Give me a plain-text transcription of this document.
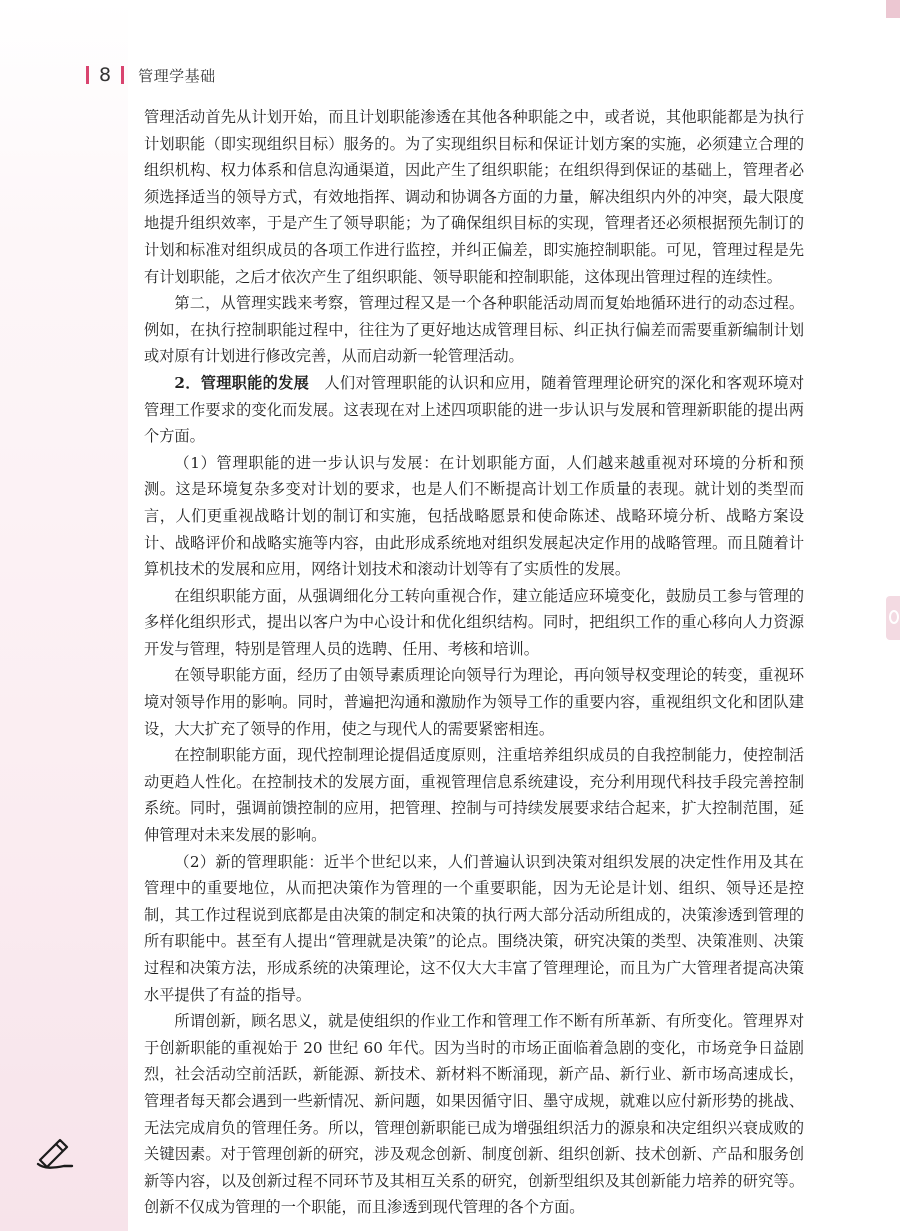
8 管理学基础

管理活动首先从计划开始，而且计划职能渗透在其他各种职能之中，或者说，其他职能都是为执行计划职能（即实现组织目标）服务的。为了实现组织目标和保证计划方案的实施，必须建立合理的组织机构、权力体系和信息沟通渠道，因此产生了组织职能；在组织得到保证的基础上，管理者必须选择适当的领导方式，有效地指挥、调动和协调各方面的力量，解决组织内外的冲突，最大限度地提升组织效率，于是产生了领导职能；为了确保组织目标的实现，管理者还必须根据预先制订的计划和标准对组织成员的各项工作进行监控，并纠正偏差，即实施控制职能。可见，管理过程是先有计划职能，之后才依次产生了组织职能、领导职能和控制职能，这体现出管理过程的连续性。

第二，从管理实践来考察，管理过程又是一个各种职能活动周而复始地循环进行的动态过程。例如，在执行控制职能过程中，往往为了更好地达成管理目标、纠正执行偏差而需要重新编制计划或对原有计划进行修改完善，从而启动新一轮管理活动。

2．管理职能的发展 人们对管理职能的认识和应用，随着管理理论研究的深化和客观环境对管理工作要求的变化而发展。这表现在对上述四项职能的进一步认识与发展和管理新职能的提出两个方面。

（1）管理职能的进一步认识与发展：在计划职能方面，人们越来越重视对环境的分析和预测。这是环境复杂多变对计划的要求，也是人们不断提高计划工作质量的表现。就计划的类型而言，人们更重视战略计划的制订和实施，包括战略愿景和使命陈述、战略环境分析、战略方案设计、战略评价和战略实施等内容，由此形成系统地对组织发展起决定作用的战略管理。而且随着计算机技术的发展和应用，网络计划技术和滚动计划等有了实质性的发展。

在组织职能方面，从强调细化分工转向重视合作，建立能适应环境变化，鼓励员工参与管理的多样化组织形式，提出以客户为中心设计和优化组织结构。同时，把组织工作的重心移向人力资源开发与管理，特别是管理人员的选聘、任用、考核和培训。

在领导职能方面，经历了由领导素质理论向领导行为理论，再向领导权变理论的转变，重视环境对领导作用的影响。同时，普遍把沟通和激励作为领导工作的重要内容，重视组织文化和团队建设，大大扩充了领导的作用，使之与现代人的需要紧密相连。

在控制职能方面，现代控制理论提倡适度原则，注重培养组织成员的自我控制能力，使控制活动更趋人性化。在控制技术的发展方面，重视管理信息系统建设，充分利用现代科技手段完善控制系统。同时，强调前馈控制的应用，把管理、控制与可持续发展要求结合起来，扩大控制范围，延伸管理对未来发展的影响。

（2）新的管理职能：近半个世纪以来，人们普遍认识到决策对组织发展的决定性作用及其在管理中的重要地位，从而把决策作为管理的一个重要职能，因为无论是计划、组织、领导还是控制，其工作过程说到底都是由决策的制定和决策的执行两大部分活动所组成的，决策渗透到管理的所有职能中。甚至有人提出“管理就是决策”的论点。围绕决策，研究决策的类型、决策准则、决策过程和决策方法，形成系统的决策理论，这不仅大大丰富了管理理论，而且为广大管理者提高决策水平提供了有益的指导。

所谓创新，顾名思义，就是使组织的作业工作和管理工作不断有所革新、有所变化。管理界对于创新职能的重视始于 20 世纪 60 年代。因为当时的市场正面临着急剧的变化，市场竞争日益剧烈，社会活动空前活跃，新能源、新技术、新材料不断涌现，新产品、新行业、新市场高速成长，管理者每天都会遇到一些新情况、新问题，如果因循守旧、墨守成规，就难以应付新形势的挑战、无法完成肩负的管理任务。所以，管理创新职能已成为增强组织活力的源泉和决定组织兴衰成败的关键因素。对于管理创新的研究，涉及观念创新、制度创新、组织创新、技术创新、产品和服务创新等内容，以及创新过程不同环节及其相互关系的研究，创新型组织及其创新能力培养的研究等。创新不仅成为管理的一个职能，而且渗透到现代管理的各个方面。
